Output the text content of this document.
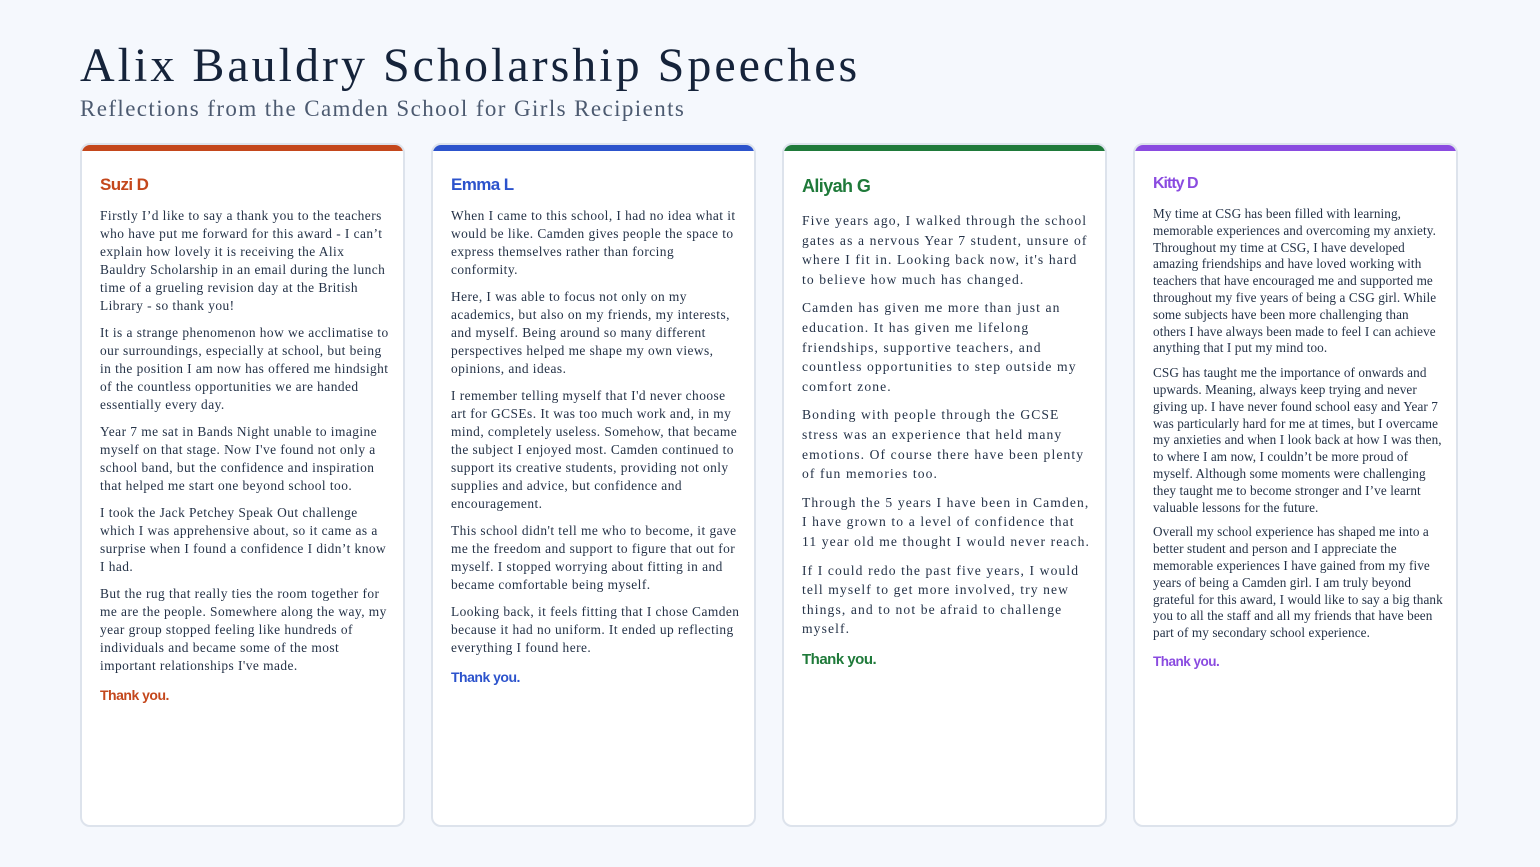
Alix Bauldry Scholarship Speeches
Reflections from the Camden School for Girls Recipients
Suzi D

Firstly I’d like to say a thank you to the teachers who have put me forward for this award - I can’t explain how lovely it is receiving the Alix Bauldry Scholarship in an email during the lunch time of a grueling revision day at the British Library - so thank you!

It is a strange phenomenon how we acclimatise to our surroundings, especially at school, but being in the position I am now has offered me hindsight of the countless opportunities we are handed essentially every day.

Year 7 me sat in Bands Night unable to imagine myself on that stage. Now I've found not only a school band, but the confidence and inspiration that helped me start one beyond school too.

I took the Jack Petchey Speak Out challenge which I was apprehensive about, so it came as a surprise when I found a confidence I didn’t know I had.

But the rug that really ties the room together for me are the people. Somewhere along the way, my year group stopped feeling like hundreds of individuals and became some of the most important relationships I've made.

Thank you.
Emma L

When I came to this school, I had no idea what it would be like. Camden gives people the space to express themselves rather than forcing conformity.

Here, I was able to focus not only on my academics, but also on my friends, my interests, and myself. Being around so many different perspectives helped me shape my own views, opinions, and ideas.

I remember telling myself that I'd never choose art for GCSEs. It was too much work and, in my mind, completely useless. Somehow, that became the subject I enjoyed most. Camden continued to support its creative students, providing not only supplies and advice, but confidence and encouragement.

This school didn't tell me who to become, it gave me the freedom and support to figure that out for myself. I stopped worrying about fitting in and became comfortable being myself.

Looking back, it feels fitting that I chose Camden because it had no uniform. It ended up reflecting everything I found here.

Thank you.
Aliyah G

Five years ago, I walked through the school gates as a nervous Year 7 student, unsure of where I fit in. Looking back now, it's hard to believe how much has changed.

Camden has given me more than just an education. It has given me lifelong friendships, supportive teachers, and countless opportunities to step outside my comfort zone.

Bonding with people through the GCSE stress was an experience that held many emotions. Of course there have been plenty of fun memories too.

Through the 5 years I have been in Camden, I have grown to a level of confidence that 11 year old me thought I would never reach.

If I could redo the past five years, I would tell myself to get more involved, try new things, and to not be afraid to challenge myself.

Thank you.
Kitty D

My time at CSG has been filled with learning, memorable experiences and overcoming my anxiety. Throughout my time at CSG, I have developed amazing friendships and have loved working with teachers that have encouraged me and supported me throughout my five years of being a CSG girl. While some subjects have been more challenging than others I have always been made to feel I can achieve anything that I put my mind too.

CSG has taught me the importance of onwards and upwards. Meaning, always keep trying and never giving up. I have never found school easy and Year 7 was particularly hard for me at times, but I overcame my anxieties and when I look back at how I was then, to where I am now, I couldn’t be more proud of myself. Although some moments were challenging they taught me to become stronger and I’ve learnt valuable lessons for the future.

Overall my school experience has shaped me into a better student and person and I appreciate the memorable experiences I have gained from my five years of being a Camden girl. I am truly beyond grateful for this award, I would like to say a big thank you to all the staff and all my friends that have been part of my secondary school experience.

Thank you.
